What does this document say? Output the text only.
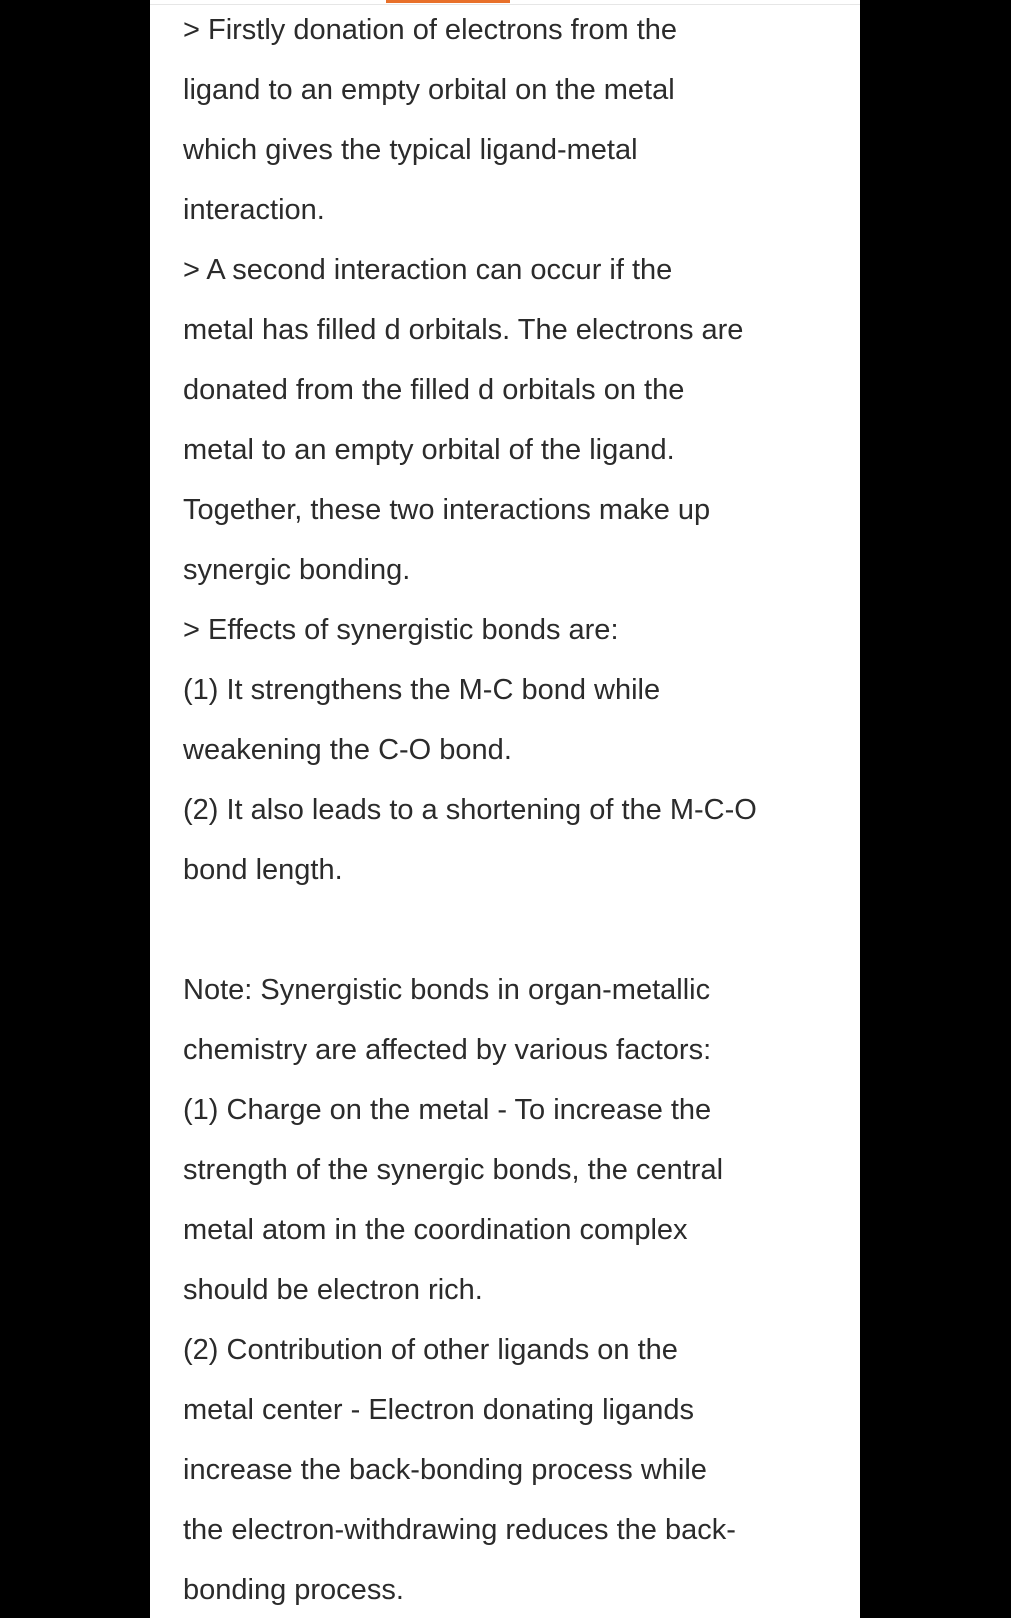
> Firstly donation of electrons from the
ligand to an empty orbital on the metal
which gives the typical ligand-metal
interaction.
> A second interaction can occur if the
metal has filled d orbitals. The electrons are
donated from the filled d orbitals on the
metal to an empty orbital of the ligand.
Together, these two interactions make up
synergic bonding.
> Effects of synergistic bonds are:
(1) It strengthens the M-C bond while
weakening the C-O bond.
(2) It also leads to a shortening of the M-C-O
bond length.
Note: Synergistic bonds in organ-metallic
chemistry are affected by various factors:
(1) Charge on the metal - To increase the
strength of the synergic bonds, the central
metal atom in the coordination complex
should be electron rich.
(2) Contribution of other ligands on the
metal center - Electron donating ligands
increase the back-bonding process while
the electron-withdrawing reduces the back-
bonding process.
